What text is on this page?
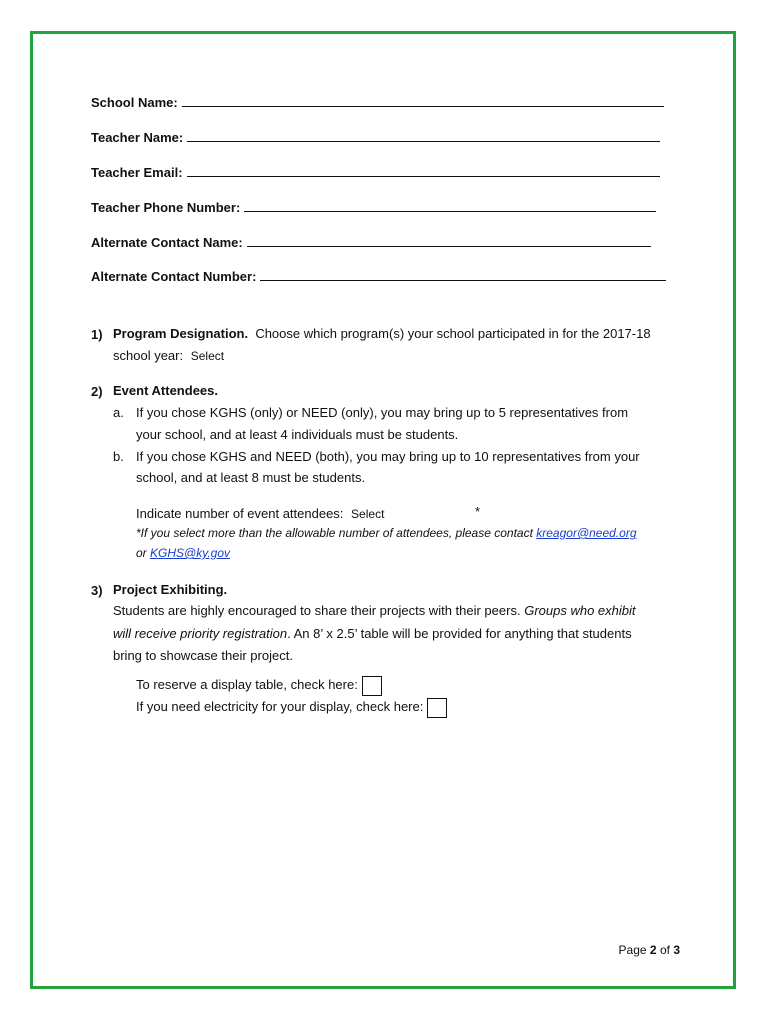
School Name:
Teacher Name:
Teacher Email:
Teacher Phone Number:
Alternate Contact Name:
Alternate Contact Number:
1) Program Designation. Choose which program(s) your school participated in for the 2017-18
school year: Select
2) Event Attendees.
a. If you chose KGHS (only) or NEED (only), you may bring up to 5 representatives from
your school, and at least 4 individuals must be students.
b. If you chose KGHS and NEED (both), you may bring up to 10 representatives from your
school, and at least 8 must be students.
Indicate number of event attendees: Select	*
*If you select more than the allowable number of attendees, please contact kreagor@need.org
or KGHS@ky.gov
3) Project Exhibiting.
Students are highly encouraged to share their projects with their peers. Groups who exhibit
will receive priority registration. An 8’ x 2.5’ table will be provided for anything that students
bring to showcase their project.
To reserve a display table, check here:
If you need electricity for your display, check here:
Page 2 of 3
